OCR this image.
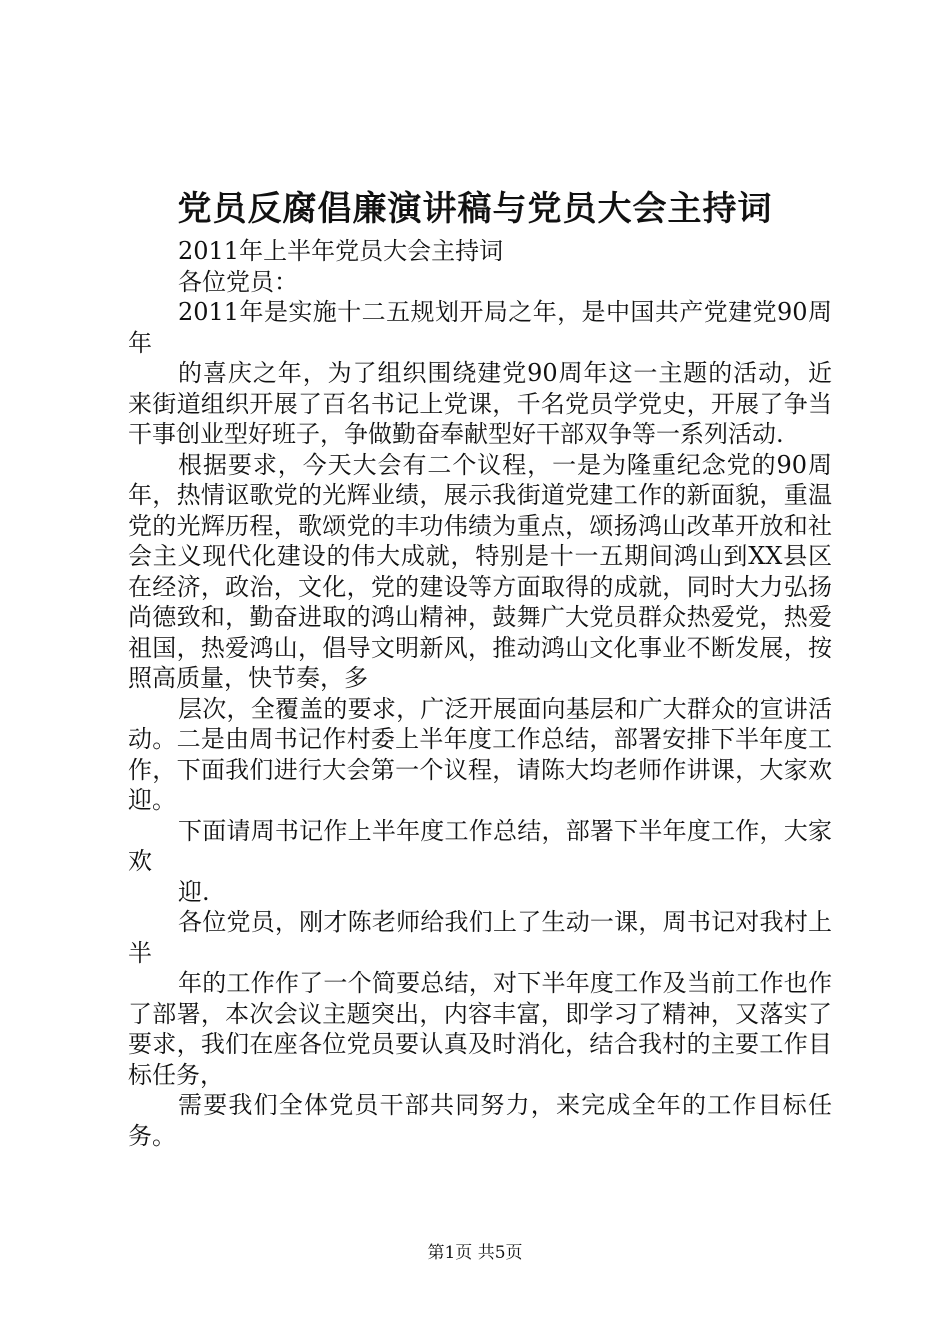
党员反腐倡廉演讲稿与党员大会主持词

2011年上半年党员大会主持词

各位党员：

2011年是实施十二五规划开局之年，是中国共产党建党90周年

的喜庆之年，为了组织围绕建党90周年这一主题的活动，近来街道组织开展了百名书记上党课，千名党员学党史，开展了争当干事创业型好班子，争做勤奋奉献型好干部双争等一系列活动.

根据要求，今天大会有二个议程，一是为隆重纪念党的90周年，热情讴歌党的光辉业绩，展示我街道党建工作的新面貌，重温党的光辉历程，歌颂党的丰功伟绩为重点，颂扬鸿山改革开放和社会主义现代化建设的伟大成就，特别是十一五期间鸿山到XX县区在经济，政治，文化，党的建设等方面取得的成就，同时大力弘扬尚德致和，勤奋进取的鸿山精神，鼓舞广大党员群众热爱党，热爱祖国，热爱鸿山，倡导文明新风，推动鸿山文化事业不断发展，按照高质量，快节奏，多

层次，全覆盖的要求，广泛开展面向基层和广大群众的宣讲活动。二是由周书记作村委上半年度工作总结，部署安排下半年度工作，下面我们进行大会第一个议程，请陈大均老师作讲课，大家欢迎。

下面请周书记作上半年度工作总结，部署下半年度工作，大家欢

迎.

各位党员，刚才陈老师给我们上了生动一课，周书记对我村上半

年的工作作了一个简要总结，对下半年度工作及当前工作也作了部署，本次会议主题突出，内容丰富，即学习了精神，又落实了要求，我们在座各位党员要认真及时消化，结合我村的主要工作目标任务，

需要我们全体党员干部共同努力，来完成全年的工作目标任务。

第1页 共5页
